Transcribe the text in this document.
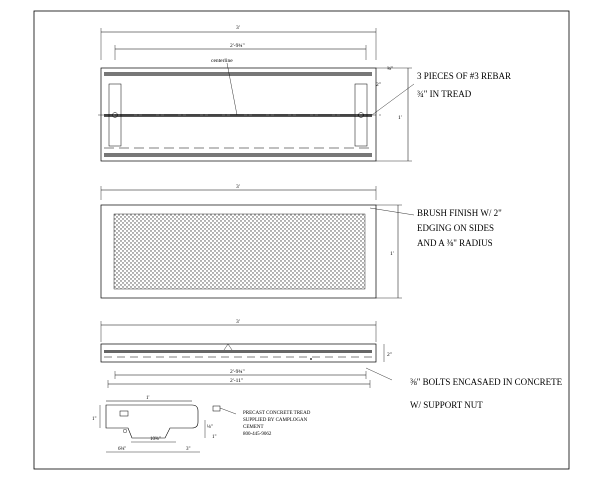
3'
2'-9¾"
⅝"
2"
centerline
1'
3 PIECES OF #3 REBAR
¾" IN TREAD
3'
1'
BRUSH FINISH W/ 2"
EDGING ON SIDES
AND A ⅜" RADIUS
3'
2"
2'-9¾"
2'-11"	⅜" BOLTS ENCASAED IN CONCRETE
W/ SUPPORT NUT
1'
1"
10⅝"
6⅜"	3"
⅛"
1"
PRECAST CONCRETE TREAD
SUPPLIED BY CAMPLOGAN
CEMENT
800-445-9062
